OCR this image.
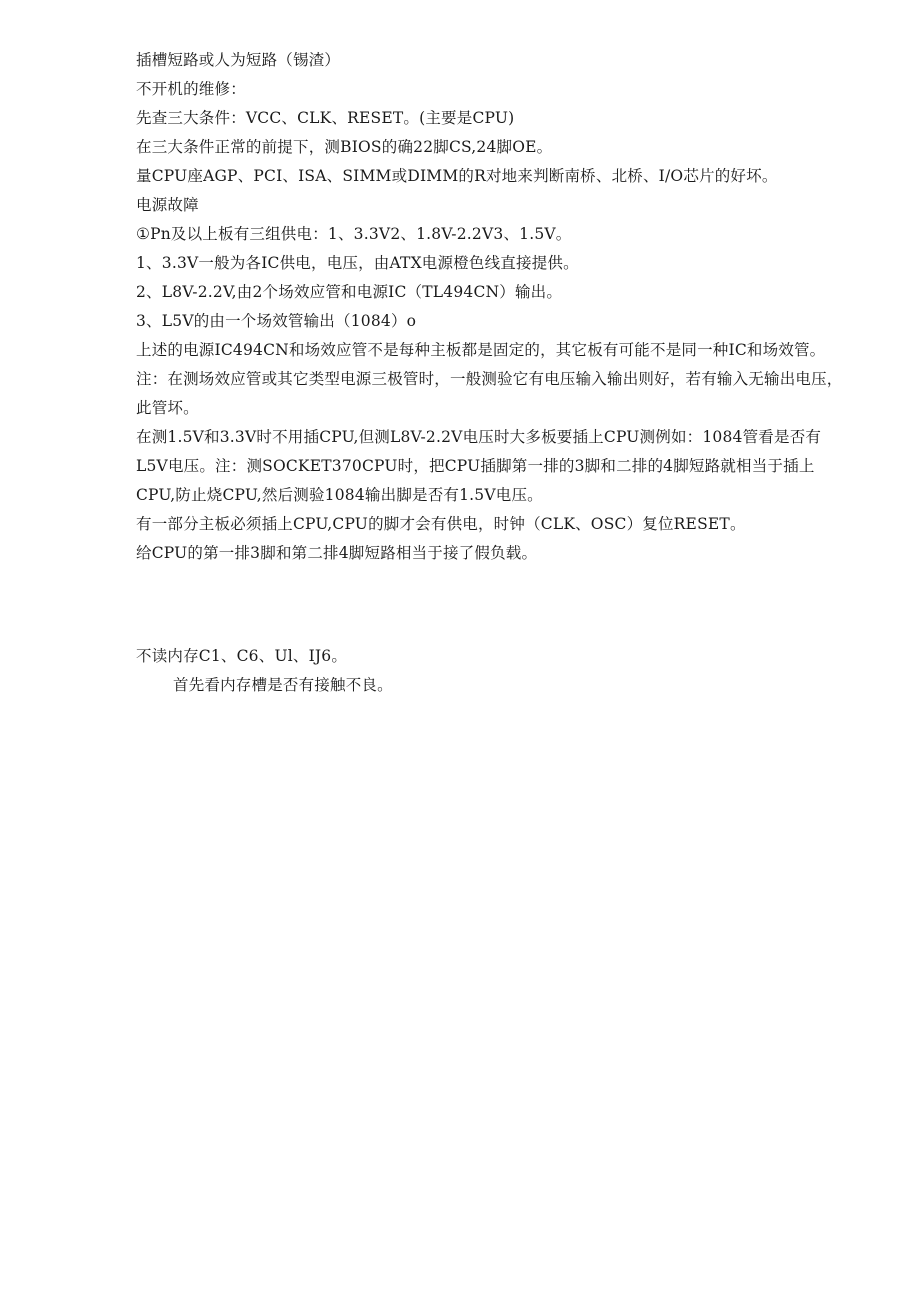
插槽短路或人为短路（锡渣）

不开机的维修：

先查三大条件：VCC、CLK、RESET。(主要是CPU)

在三大条件正常的前提下，测BIOS的确22脚CS,24脚OE。

量CPU座AGP、PCI、ISA、SIMM或DIMM的R对地来判断南桥、北桥、I/O芯片的好坏。

电源故障

①Pn及以上板有三组供电：1、3.3V2、1.8V-2.2V3、1.5V。

1、3.3V一般为各IC供电，电压，由ATX电源橙色线直接提供。

2、L8V-2.2V,由2个场效应管和电源IC（TL494CN）输出。

3、L5V的由一个场效管输出（1084）o

上述的电源IC494CN和场效应管不是每种主板都是固定的，其它板有可能不是同一种IC和场效管。

注：在测场效应管或其它类型电源三极管时，一般测验它有电压输入输出则好，若有输入无输出电压，此管坏。

在测1.5V和3.3V时不用插CPU,但测L8V-2.2V电压时大多板要插上CPU测例如：1084管看是否有L5V电压。注：测SOCKET370CPU时，把CPU插脚第一排的3脚和二排的4脚短路就相当于插上CPU,防止烧CPU,然后测验1084输出脚是否有1.5V电压。

有一部分主板必须插上CPU,CPU的脚才会有供电，时钟（CLK、OSC）复位RESET。

给CPU的第一排3脚和第二排4脚短路相当于接了假负载。

不读内存C1、C6、Ul、IJ6。

首先看内存槽是否有接触不良。
